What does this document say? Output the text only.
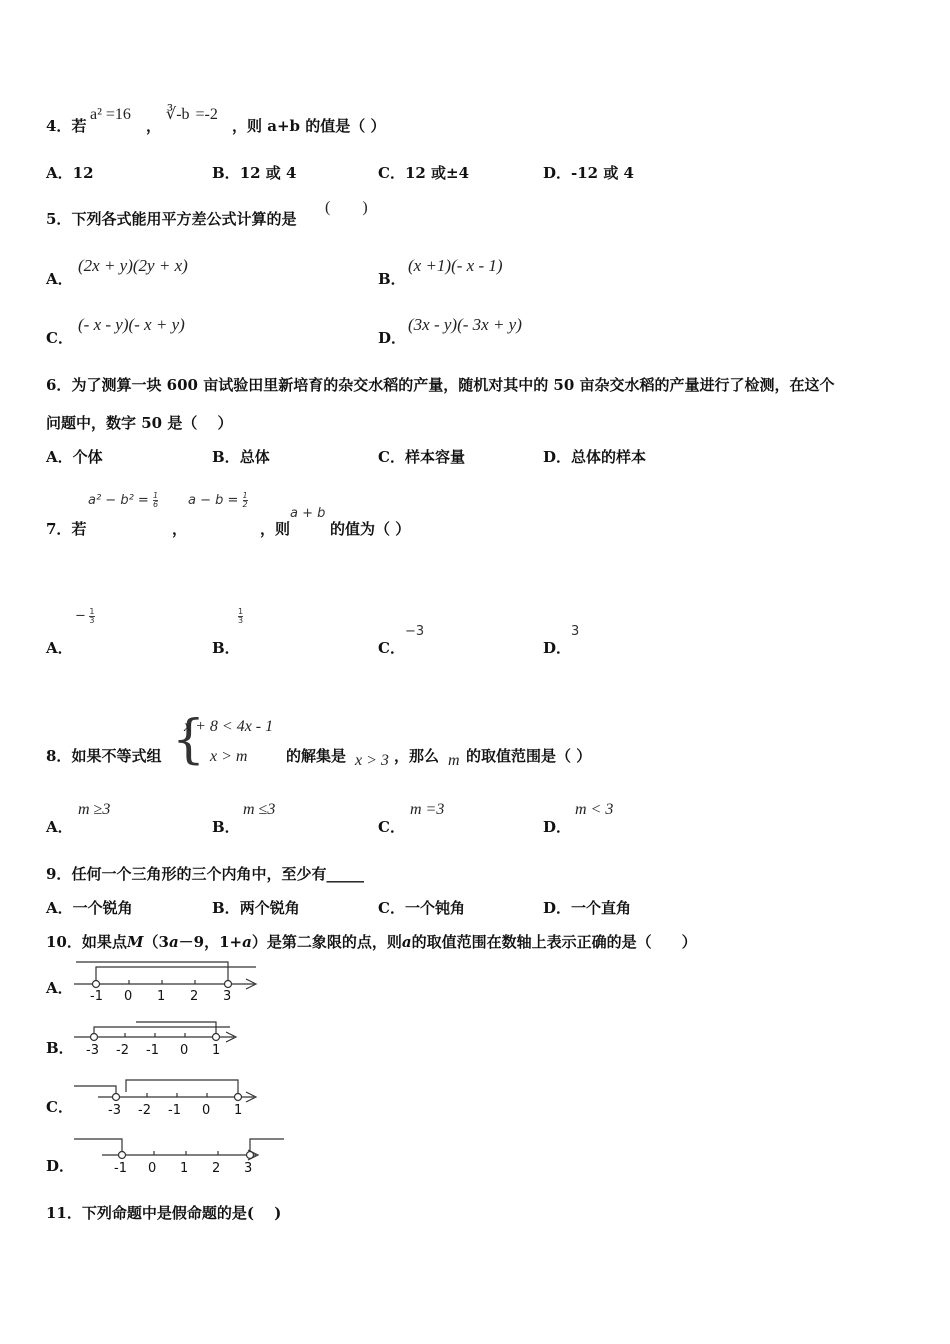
4．若
a² =16
，
∛-b =-2
，则 a+b 的值是（ ）
A．12	B．12 或 4	C．12 或±4	D．-12 或 4
5．下列各式能用平方差公式计算的是
(　　)
A．
(2x + y)(2y + x)
B．
(x +1)(- x - 1)
C．
(- x - y)(- x + y)
D．
(3x - y)(- 3x + y)
6．为了测算一块 600 亩试验田里新培育的杂交水稻的产量，随机对其中的 50 亩杂交水稻的产量进行了检测，在这个
问题中，数字 50 是（　 ）
A．个体	B．总体	C．样本容量	D．总体的样本
$a^2 - b^2 = \frac{1}{6}$ $a - b = \frac{1}{2}$
7．若	，	，则
a + b
的值为（ ）
A．
− $\frac{1}{3}$
B．
$\frac{1}{3}$
C．
−3
D．
3
8．如果不等式组 {
x + 8 < 4x - 1
x > m	的解集是 x > 3 ，那么 m 的取值范围是（ ）
A．
m ≥3
B．
m ≤3
C．
m =3
D．
m < 3
9．任何一个三角形的三个内角中，至少有_____
A．一个锐角	B．两个锐角	C．一个钝角	D．一个直角
10．如果点M（3a－9，1+a）是第二象限的点，则a的取值范围在数轴上表示正确的是（　　）
A． -1 0 1 2 3
B． -3 -2 -1 0 1
C．	-3 -2 -1 0 1
D．	-1 0 1 2 3
11．下列命题中是假命题的是(　 )
